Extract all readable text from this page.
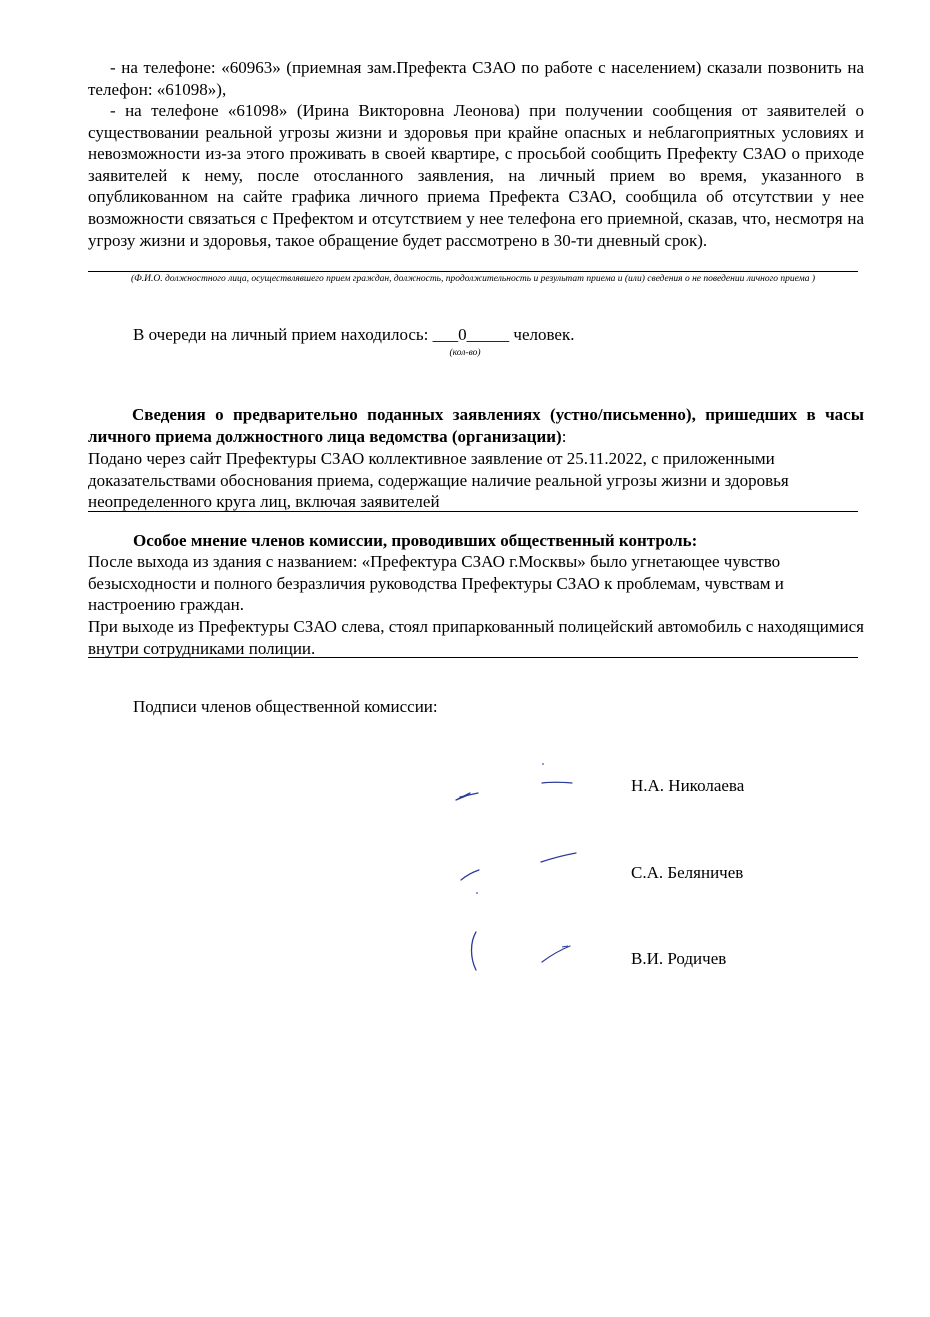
- на телефоне: «60963» (приемная зам.Префекта СЗАО по работе с населением) сказали позвонить на телефон: «61098»),
- на телефоне «61098» (Ирина Викторовна Леонова) при получении сообщения от заявителей о существовании реальной угрозы жизни и здоровья при крайне опасных и неблагоприятных условиях и невозможности из-за этого проживать в своей квартире, с просьбой сообщить Префекту СЗАО о приходе заявителей к нему, после отосланного заявления, на личный прием во время, указанного в опубликованном на сайте графика личного приема Префекта СЗАО, сообщила об отсутствии у нее возможности связаться с Префектом и отсутствием у нее телефона его приемной, сказав, что, несмотря на угрозу жизни и здоровья, такое обращение будет рассмотрено в 30-ти дневный срок).
(Ф.И.О. должностного лица, осуществлявшего прием граждан, должность, продолжительность и результат приема и (или) сведения о не поведении личного приема )
В очереди на личный прием находилось: ___0_____ человек.
(кол-во)
Сведения о предварительно поданных заявлениях (устно/письменно), пришедших в часы личного приема должностного лица ведомства (организации):
Подано через сайт Префектуры СЗАО коллективное заявление от 25.11.2022, с приложенными доказательствами обоснования приема, содержащие наличие реальной угрозы жизни и здоровья неопределенного круга лиц, включая заявителей
Особое мнение членов комиссии, проводивших общественный контроль:
После выхода из здания с названием: «Префектура СЗАО г.Москвы» было угнетающее чувство безысходности и полного безразличия руководства Префектуры СЗАО к проблемам, чувствам и настроению граждан.
При выходе из Префектуры СЗАО слева, стоял припаркованный полицейский автомобиль с находящимися внутри сотрудниками полиции.
Подписи членов общественной комиссии:
Н.А. Николаева
С.А. Беляничев
В.И. Родичев
